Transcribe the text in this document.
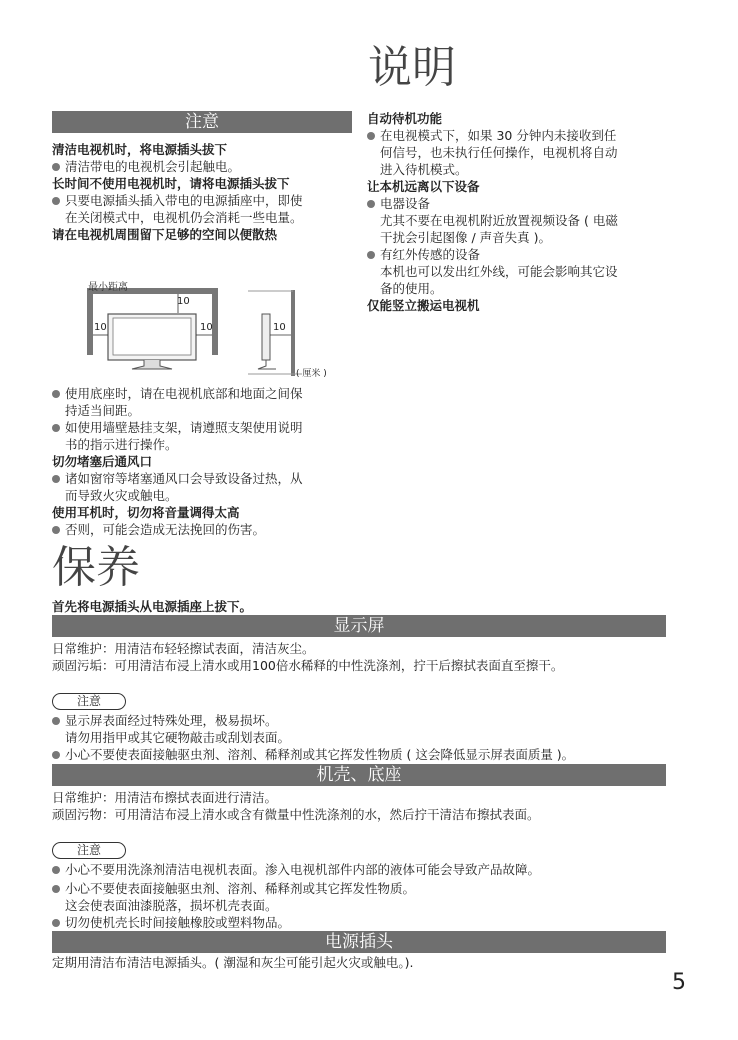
说明
注意
清洁电视机时，将电源插头拔下
清洁带电的电视机会引起触电。
长时间不使用电视机时，请将电源插头拔下
只要电源插头插入带电的电源插座中，即使
在关闭模式中，电视机仍会消耗一些电量。
请在电视机周围留下足够的空间以便散热
最小距离
10
10	10	10
( 厘米 )
使用底座时，请在电视机底部和地面之间保
持适当间距。
如使用墙壁悬挂支架，请遵照支架使用说明
书的指示进行操作。
切勿堵塞后通风口
诸如窗帘等堵塞通风口会导致设备过热，从
而导致火灾或触电。
使用耳机时，切勿将音量调得太高
否则，可能会造成无法挽回的伤害。
自动待机功能
在电视模式下，如果 30 分钟内未接收到任
何信号，也未执行任何操作，电视机将自动
进入待机模式。
让本机远离以下设备
电器设备
尤其不要在电视机附近放置视频设备 ( 电磁
干扰会引起图像 / 声音失真 )。
有红外传感的设备
本机也可以发出红外线，可能会影响其它设
备的使用。
仅能竖立搬运电视机
保养
首先将电源插头从电源插座上拔下。
显示屏
日常维护：用清洁布轻轻擦试表面，清洁灰尘。
顽固污垢：可用清洁布浸上清水或用100倍水稀释的中性洗涤剂，拧干后擦拭表面直至擦干。
注意
显示屏表面经过特殊处理，极易损坏。
请勿用指甲或其它硬物敲击或刮划表面。
小心不要使表面接触驱虫剂、溶剂、稀释剂或其它挥发性物质 ( 这会降低显示屏表面质量 )。
机壳、底座
日常维护：用清洁布擦拭表面进行清洁。
顽固污物：可用清洁布浸上清水或含有微量中性洗涤剂的水，然后拧干清洁布擦拭表面。
注意
小心不要用洗涤剂清洁电视机表面。渗入电视机部件内部的液体可能会导致产品故障。
小心不要使表面接触驱虫剂、溶剂、稀释剂或其它挥发性物质。
这会使表面油漆脱落，损坏机壳表面。
切勿使机壳长时间接触橡胶或塑料物品。
电源插头
定期用清洁布清洁电源插头。( 潮湿和灰尘可能引起火灾或触电。).
5
